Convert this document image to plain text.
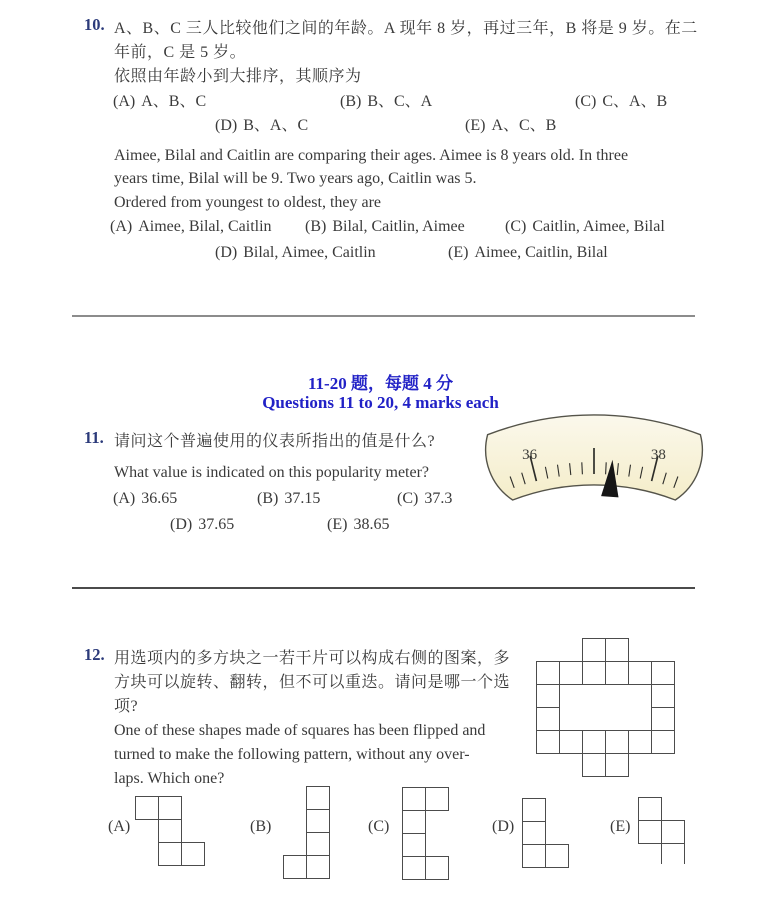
10. A、B、C 三人比较他们之间的年龄。A 现年 8 岁，再过三年，B 将是 9 岁。在二
年前，C 是 5 岁。
依照由年龄小到大排序，其顺序为
(A) A、B、C	(B) B、C、A	(C) C、A、B
(D) B、A、C	(E) A、C、B
Aimee, Bilal and Caitlin are comparing their ages. Aimee is 8 years old. In three
years time, Bilal will be 9. Two years ago, Caitlin was 5.
Ordered from youngest to oldest, they are
(A) Aimee, Bilal, Caitlin (B) Bilal, Caitlin, Aimee	(C) Caitlin, Aimee, Bilal
(D) Bilal, Aimee, Caitlin	(E) Aimee, Caitlin, Bilal
11-20 题，每题 4 分
Questions 11 to 20, 4 marks each
11. 请问这个普遍使用的仪表所指出的值是什么?
What value is indicated on this popularity meter?
(A) 36.65	(B) 37.15	(C) 37.3
(D) 37.65	(E) 38.65
36	38
12. 用选项内的多方块之一若干片可以构成右侧的图案，多
方块可以旋转、翻转，但不可以重迭。请问是哪一个选
项?
One of these shapes made of squares has been flipped and
turned to make the following pattern, without any over-
laps. Which one?
(A)	(B)	(C)	(D)	(E)
